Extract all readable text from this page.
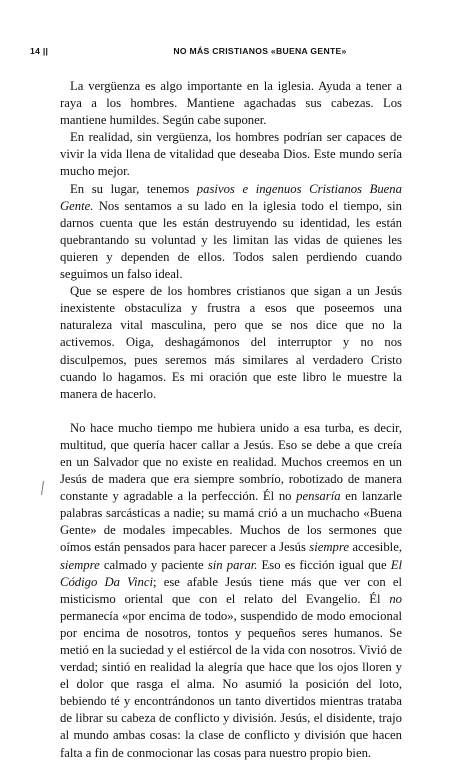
14 ||	NO MÁS CRISTIANOS «BUENA GENTE»

La vergüenza es algo importante en la iglesia. Ayuda a tener a raya a los hombres. Mantiene agachadas sus cabezas. Los mantiene humildes. Según cabe suponer.

En realidad, sin vergüenza, los hombres podrían ser capaces de vivir la vida llena de vitalidad que deseaba Dios. Este mundo sería mucho mejor.

En su lugar, tenemos pasivos e ingenuos Cristianos Buena Gente. Nos sentamos a su lado en la iglesia todo el tiempo, sin darnos cuenta que les están destruyendo su identidad, les están quebrantando su voluntad y les limitan las vidas de quienes les quieren y dependen de ellos. Todos salen perdiendo cuando seguimos un falso ideal.

Que se espere de los hombres cristianos que sigan a un Jesús inexistente obstaculiza y frustra a esos que poseemos una naturaleza vital masculina, pero que se nos dice que no la activemos. Oiga, deshagámonos del interruptor y no nos disculpemos, pues seremos más similares al verdadero Cristo cuando lo hagamos. Es mi oración que este libro le muestre la manera de hacerlo.

No hace mucho tiempo me hubiera unido a esa turba, es decir, multitud, que quería hacer callar a Jesús. Eso se debe a que creía en un Salvador que no existe en realidad. Muchos creemos en un Jesús de madera que era siempre sombrío, robotizado de manera constante y agradable a la perfección. Él no pensaría en lanzarle palabras sarcásticas a nadie; su mamá crió a un muchacho «Buena Gente» de modales impecables. Muchos de los sermones que oímos están pensados para hacer parecer a Jesús siempre accesible, siempre calmado y paciente sin parar. Eso es ficción igual que El Código Da Vinci; ese afable Jesús tiene más que ver con el misticismo oriental que con el relato del Evangelio. Él no permanecía «por encima de todo», suspendido de modo emocional por encima de nosotros, tontos y pequeños seres humanos. Se metió en la suciedad y el estiércol de la vida con nosotros. Vivió de verdad; sintió en realidad la alegría que hace que los ojos lloren y el dolor que rasga el alma. No asumió la posición del loto, bebiendo té y encontrándonos un tanto divertidos mientras trataba de librar su cabeza de conflicto y división. Jesús, el disidente, trajo al mundo ambas cosas: la clase de conflicto y división que hacen falta a fin de conmocionar las cosas para nuestro propio bien.
